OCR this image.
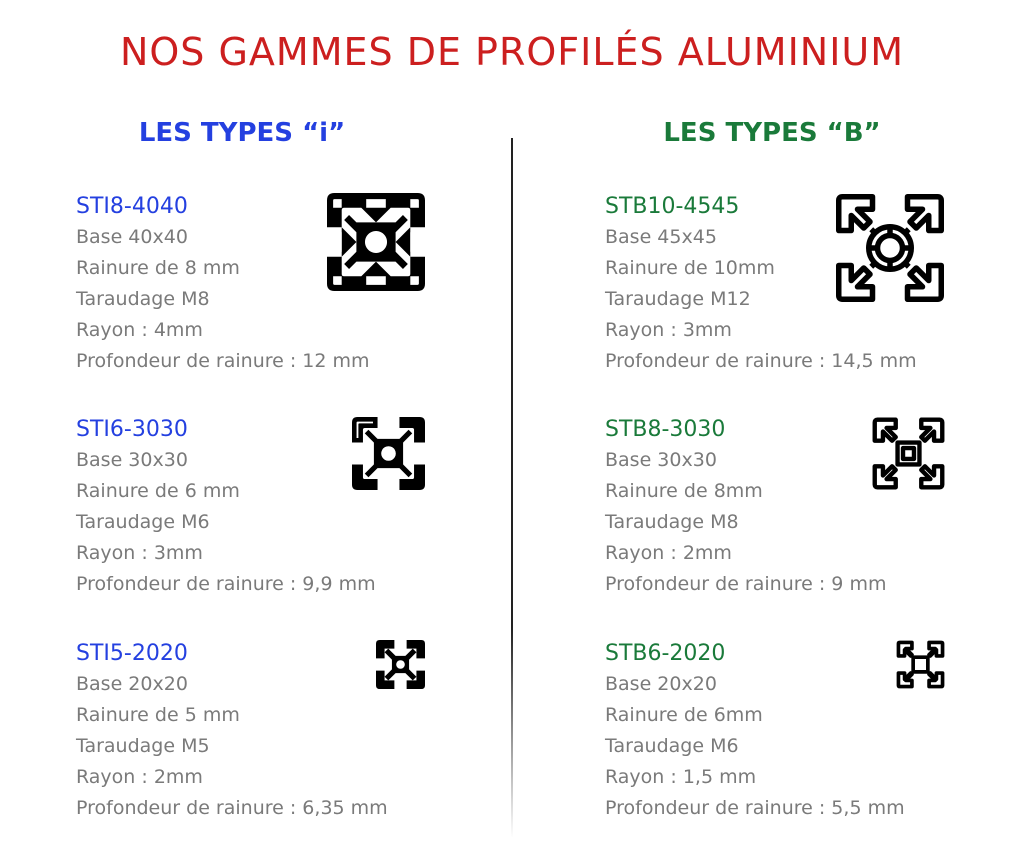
NOS GAMMES DE PROFILÉS ALUMINIUM
LES TYPES “i”	LES TYPES “B”
STI8-4040
Base 40x40
Rainure de 8 mm
Taraudage M8
Rayon : 4mm
Profondeur de rainure : 12 mm
STI6-3030
Base 30x30
Rainure de 6 mm
Taraudage M6
Rayon : 3mm
Profondeur de rainure : 9,9 mm
STI5-2020
Base 20x20
Rainure de 5 mm
Taraudage M5
Rayon : 2mm
Profondeur de rainure : 6,35 mm
STB10-4545
Base 45x45
Rainure de 10mm
Taraudage M12
Rayon : 3mm
Profondeur de rainure : 14,5 mm
STB8-3030
Base 30x30
Rainure de 8mm
Taraudage M8
Rayon : 2mm
Profondeur de rainure : 9 mm
STB6-2020
Base 20x20
Rainure de 6mm
Taraudage M6
Rayon : 1,5 mm
Profondeur de rainure : 5,5 mm
